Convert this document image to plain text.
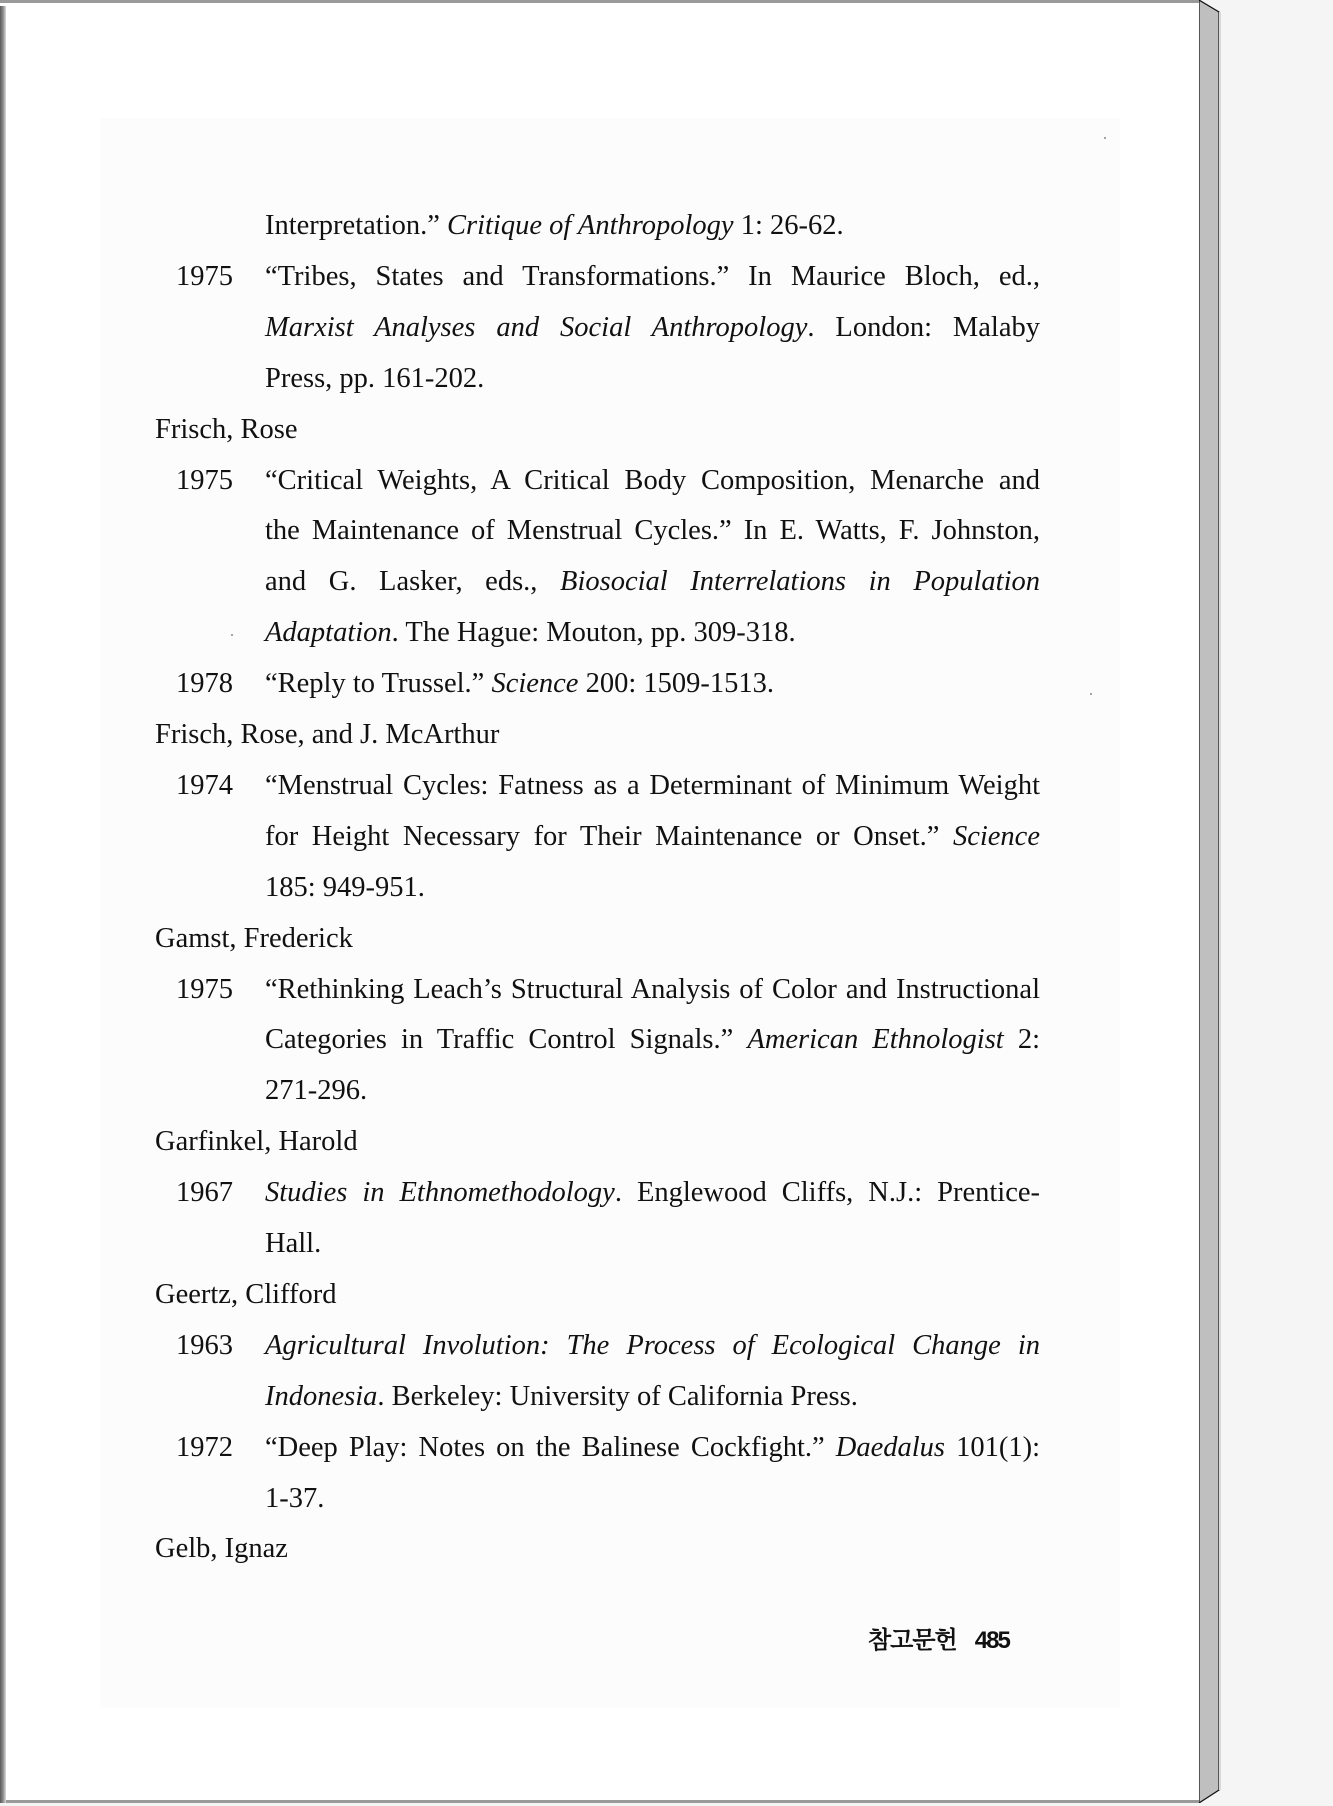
Interpretation.” Critique of Anthropology 1: 26-62.
1975 “Tribes, States and Transformations.” In Maurice Bloch, ed.,
Marxist Analyses and Social Anthropology. London: Malaby
Press, pp. 161-202.
Frisch, Rose
1975 “Critical Weights, A Critical Body Composition, Menarche and
the Maintenance of Menstrual Cycles.” In E. Watts, F. Johnston,
and G. Lasker, eds., Biosocial Interrelations in Population
Adaptation. The Hague: Mouton, pp. 309-318.
1978 “Reply to Trussel.” Science 200: 1509-1513.
Frisch, Rose, and J. McArthur
1974 “Menstrual Cycles: Fatness as a Determinant of Minimum Weight
for Height Necessary for Their Maintenance or Onset.” Science
185: 949-951.
Gamst, Frederick
1975 “Rethinking Leach’s Structural Analysis of Color and Instructional
Categories in Traffic Control Signals.” American Ethnologist 2:
271-296.
Garfinkel, Harold
1967 Studies in Ethnomethodology. Englewood Cliffs, N.J.: Prentice-
Hall.
Geertz, Clifford
1963 Agricultural Involution: The Process of Ecological Change in
Indonesia. Berkeley: University of California Press.
1972 “Deep Play: Notes on the Balinese Cockfight.” Daedalus 101(1):
1-37.
Gelb, Ignaz
참고문헌 485
